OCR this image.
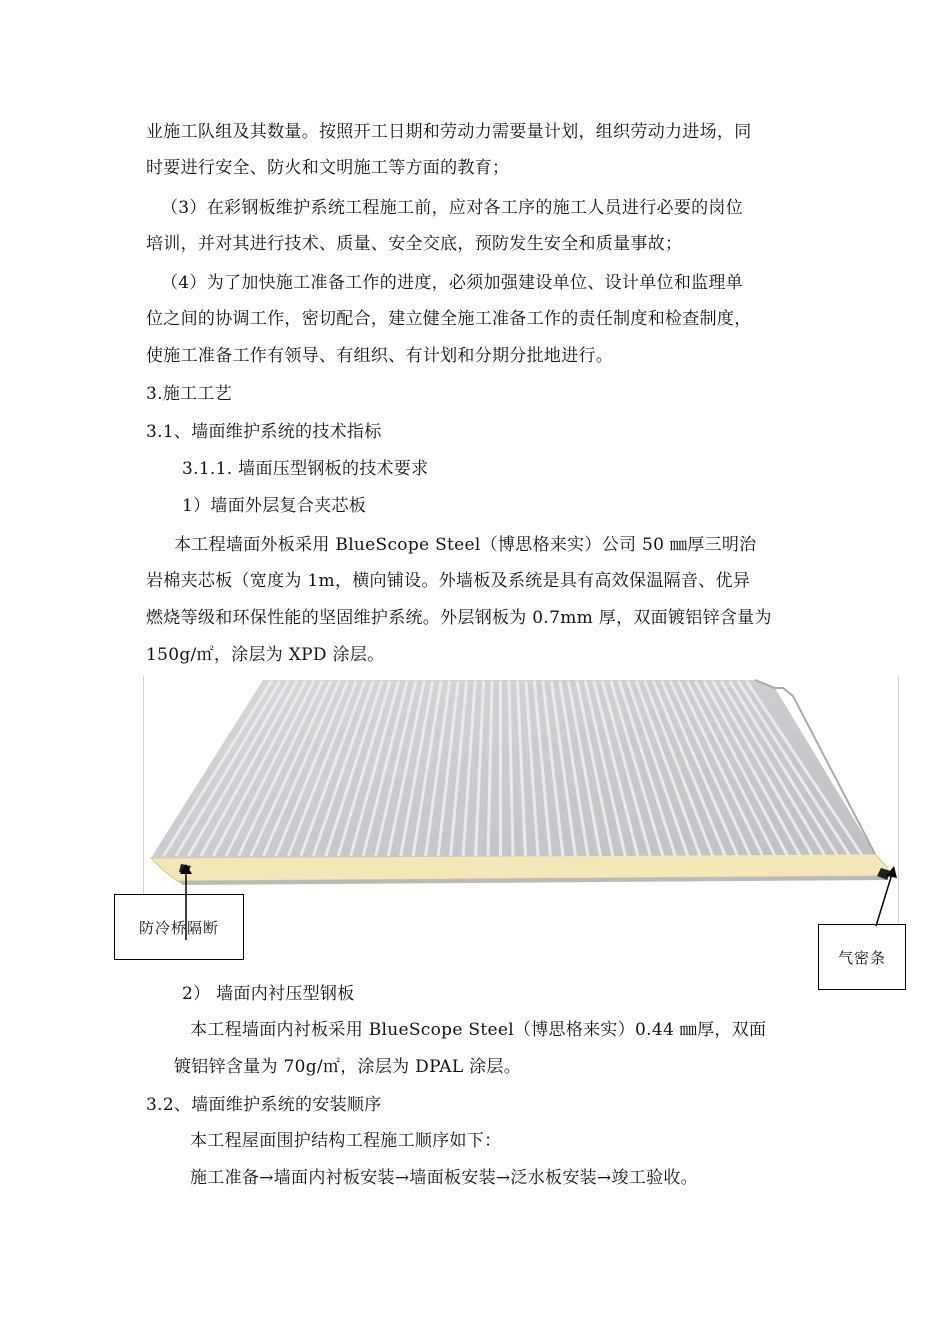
业施工队组及其数量。按照开工日期和劳动力需要量计划，组织劳动力进场，同
时要进行安全、防火和文明施工等方面的教育；
（3）在彩钢板维护系统工程施工前，应对各工序的施工人员进行必要的岗位
培训，并对其进行技术、质量、安全交底，预防发生安全和质量事故；
（4）为了加快施工准备工作的进度，必须加强建设单位、设计单位和监理单
位之间的协调工作，密切配合，建立健全施工准备工作的责任制度和检查制度，
使施工准备工作有领导、有组织、有计划和分期分批地进行。
3.施工工艺
3.1、墙面维护系统的技术指标
3.1.1. 墙面压型钢板的技术要求
1）墙面外层复合夹芯板
本工程墙面外板采用 BlueScope Steel（博思格来实）公司 50 ㎜厚三明治
岩棉夹芯板（宽度为 1m，横向铺设。外墙板及系统是具有高效保温隔音、优异
燃烧等级和环保性能的坚固维护系统。外层钢板为 0.7mm 厚，双面镀铝锌含量为
150g/㎡，涂层为 XPD 涂层。
防冷桥隔断
气密条
2） 墙面内衬压型钢板
本工程墙面内衬板采用 BlueScope Steel（博思格来实）0.44 ㎜厚，双面
镀铝锌含量为 70g/㎡，涂层为 DPAL 涂层。
3.2、墙面维护系统的安装顺序
本工程屋面围护结构工程施工顺序如下：
施工准备→墙面内衬板安装→墙面板安装→泛水板安装→竣工验收。
